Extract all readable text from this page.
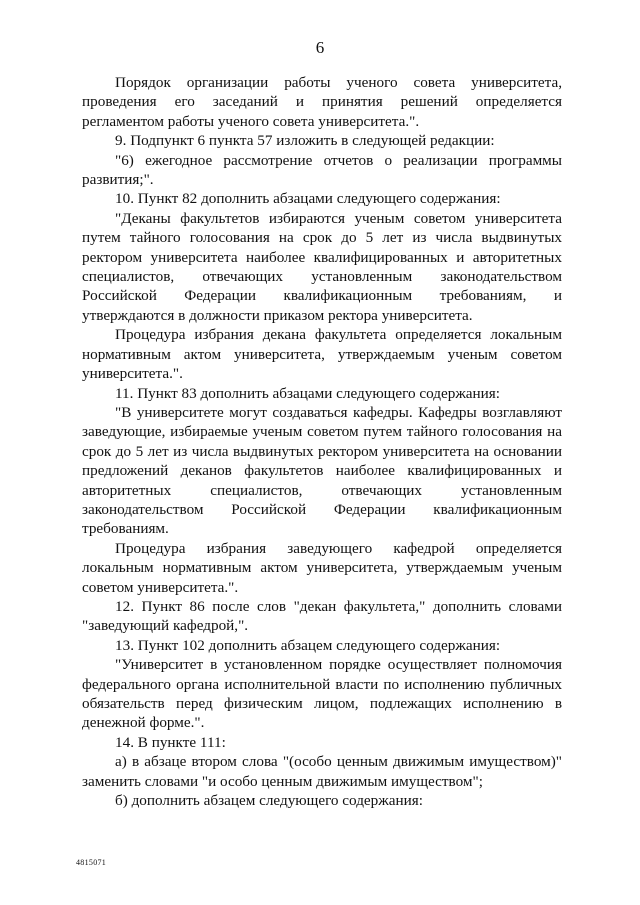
6

Порядок организации работы ученого совета университета, проведения его заседаний и принятия решений определяется регламентом работы ученого совета университета.".

9. Подпункт 6 пункта 57 изложить в следующей редакции:

"6) ежегодное рассмотрение отчетов о реализации программы развития;".

10. Пункт 82 дополнить абзацами следующего содержания:

"Деканы факультетов избираются ученым советом университета путем тайного голосования на срок до 5 лет из числа выдвинутых ректором университета наиболее квалифицированных и авторитетных специалистов, отвечающих установленным законодательством Российской Федерации квалификационным требованиям, и утверждаются в должности приказом ректора университета.

Процедура избрания декана факультета определяется локальным нормативным актом университета, утверждаемым ученым советом университета.".

11. Пункт 83 дополнить абзацами следующего содержания:

"В университете могут создаваться кафедры. Кафедры возглавляют заведующие, избираемые ученым советом путем тайного голосования на срок до 5 лет из числа выдвинутых ректором университета на основании предложений деканов факультетов наиболее квалифицированных и авторитетных специалистов, отвечающих установленным законодательством Российской Федерации квалификационным требованиям.

Процедура избрания заведующего кафедрой определяется локальным нормативным актом университета, утверждаемым ученым советом университета.".

12. Пункт 86 после слов "декан факультета," дополнить словами "заведующий кафедрой,".

13. Пункт 102 дополнить абзацем следующего содержания:

"Университет в установленном порядке осуществляет полномочия федерального органа исполнительной власти по исполнению публичных обязательств перед физическим лицом, подлежащих исполнению в денежной форме.".

14. В пункте 111:

а) в абзаце втором слова "(особо ценным движимым имуществом)" заменить словами "и особо ценным движимым имуществом";

б) дополнить абзацем следующего содержания:

4815071
